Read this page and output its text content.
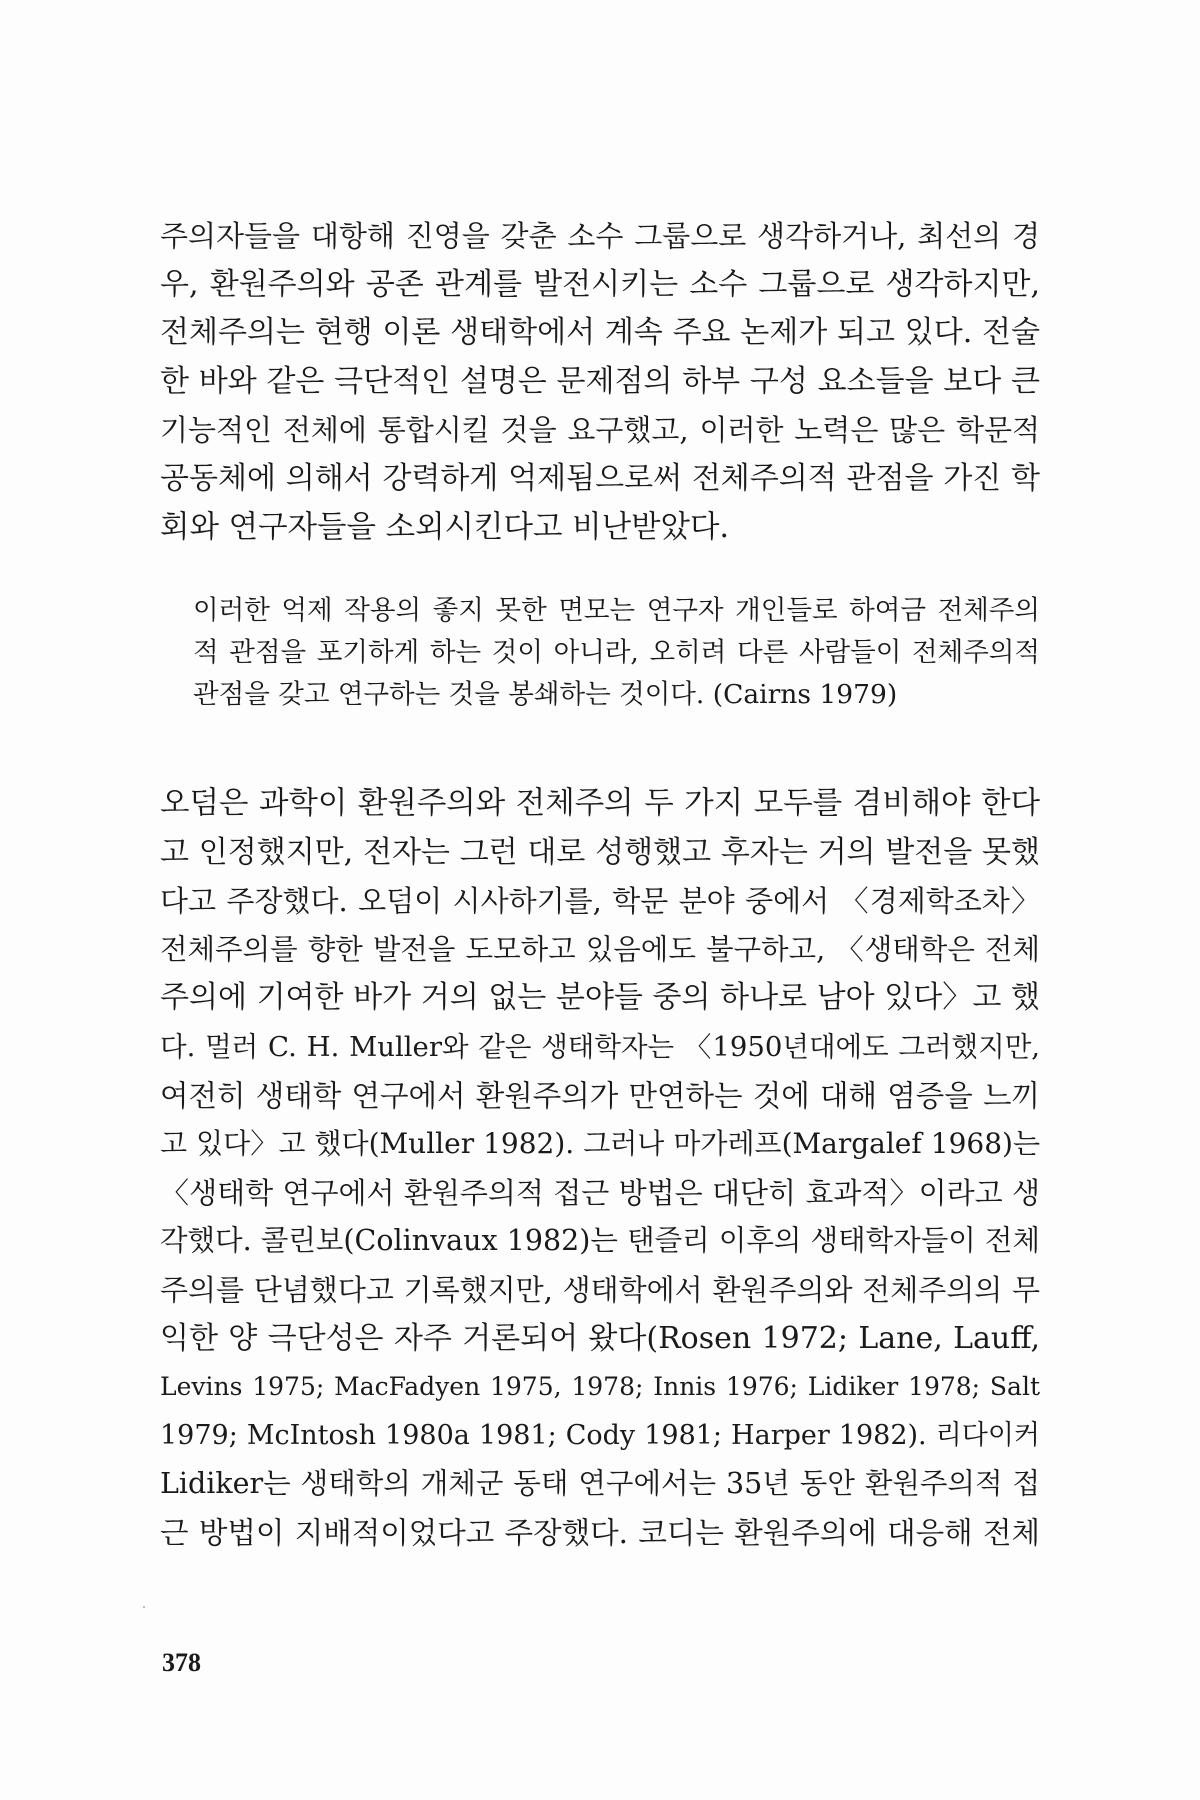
주의자들을 대항해 진영을 갖춘 소수 그룹으로 생각하거나, 최선의 경
우, 환원주의와 공존 관계를 발전시키는 소수 그룹으로 생각하지만,
전체주의는 현행 이론 생태학에서 계속 주요 논제가 되고 있다. 전술
한 바와 같은 극단적인 설명은 문제점의 하부 구성 요소들을 보다 큰
기능적인 전체에 통합시킬 것을 요구했고, 이러한 노력은 많은 학문적
공동체에 의해서 강력하게 억제됨으로써 전체주의적 관점을 가진 학
회와 연구자들을 소외시킨다고 비난받았다.

이러한 억제 작용의 좋지 못한 면모는 연구자 개인들로 하여금 전체주의
적 관점을 포기하게 하는 것이 아니라, 오히려 다른 사람들이 전체주의적
관점을 갖고 연구하는 것을 봉쇄하는 것이다. (Cairns 1979)

오덤은 과학이 환원주의와 전체주의 두 가지 모두를 겸비해야 한다
고 인정했지만, 전자는 그런 대로 성행했고 후자는 거의 발전을 못했
다고 주장했다. 오덤이 시사하기를, 학문 분야 중에서 〈경제학조차〉
전체주의를 향한 발전을 도모하고 있음에도 불구하고, 〈생태학은 전체
주의에 기여한 바가 거의 없는 분야들 중의 하나로 남아 있다〉고 했
다. 멀러 C. H. Muller와 같은 생태학자는 〈1950년대에도 그러했지만,
여전히 생태학 연구에서 환원주의가 만연하는 것에 대해 염증을 느끼
고 있다〉고 했다(Muller 1982). 그러나 마가레프(Margalef 1968)는
〈생태학 연구에서 환원주의적 접근 방법은 대단히 효과적〉이라고 생
각했다. 콜린보(Colinvaux 1982)는 탠즐리 이후의 생태학자들이 전체
주의를 단념했다고 기록했지만, 생태학에서 환원주의와 전체주의의 무
익한 양 극단성은 자주 거론되어 왔다(Rosen 1972; Lane, Lauff,
Levins 1975; MacFadyen 1975, 1978; Innis 1976; Lidiker 1978; Salt
1979; McIntosh 1980a 1981; Cody 1981; Harper 1982). 리다이커
Lidiker는 생태학의 개체군 동태 연구에서는 35년 동안 환원주의적 접
근 방법이 지배적이었다고 주장했다. 코디는 환원주의에 대응해 전체

378
